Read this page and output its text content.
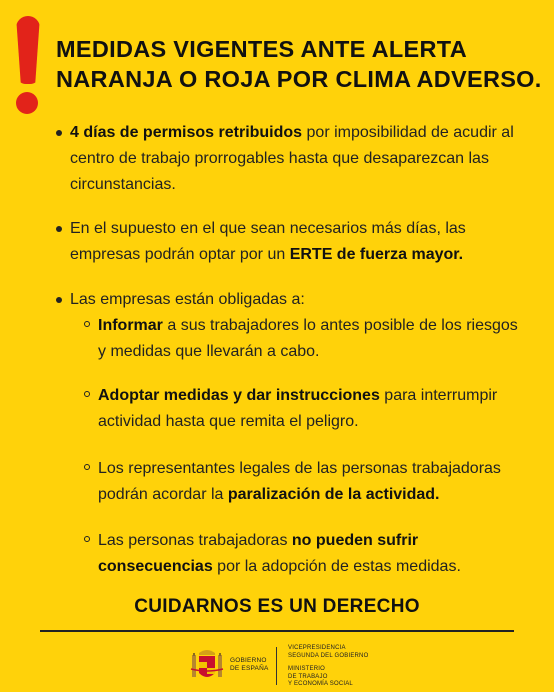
MEDIDAS VIGENTES ANTE ALERTA
NARANJA O ROJA POR CLIMA ADVERSO.
4 días de permisos retribuidos por imposibilidad de acudir al centro de trabajo prorrogables hasta que desaparezcan las circunstancias.
En el supuesto en el que sean necesarios más días, las empresas podrán optar por un ERTE de fuerza mayor.
Las empresas están obligadas a:
Informar a sus trabajadores lo antes posible de los riesgos y medidas que llevarán a cabo.
Adoptar medidas y dar instrucciones para interrumpir actividad hasta que remita el peligro.
Los representantes legales de las personas trabajadoras podrán acordar la paralización de la actividad.
Las personas trabajadoras no pueden sufrir consecuencias por la adopción de estas medidas.
CUIDARNOS ES UN DERECHO
GOBIERNO
DE ESPAÑA
VICEPRESIDENCIA
SEGUNDA DEL GOBIERNO
MINISTERIO
DE TRABAJO
Y ECONOMÍA SOCIAL
